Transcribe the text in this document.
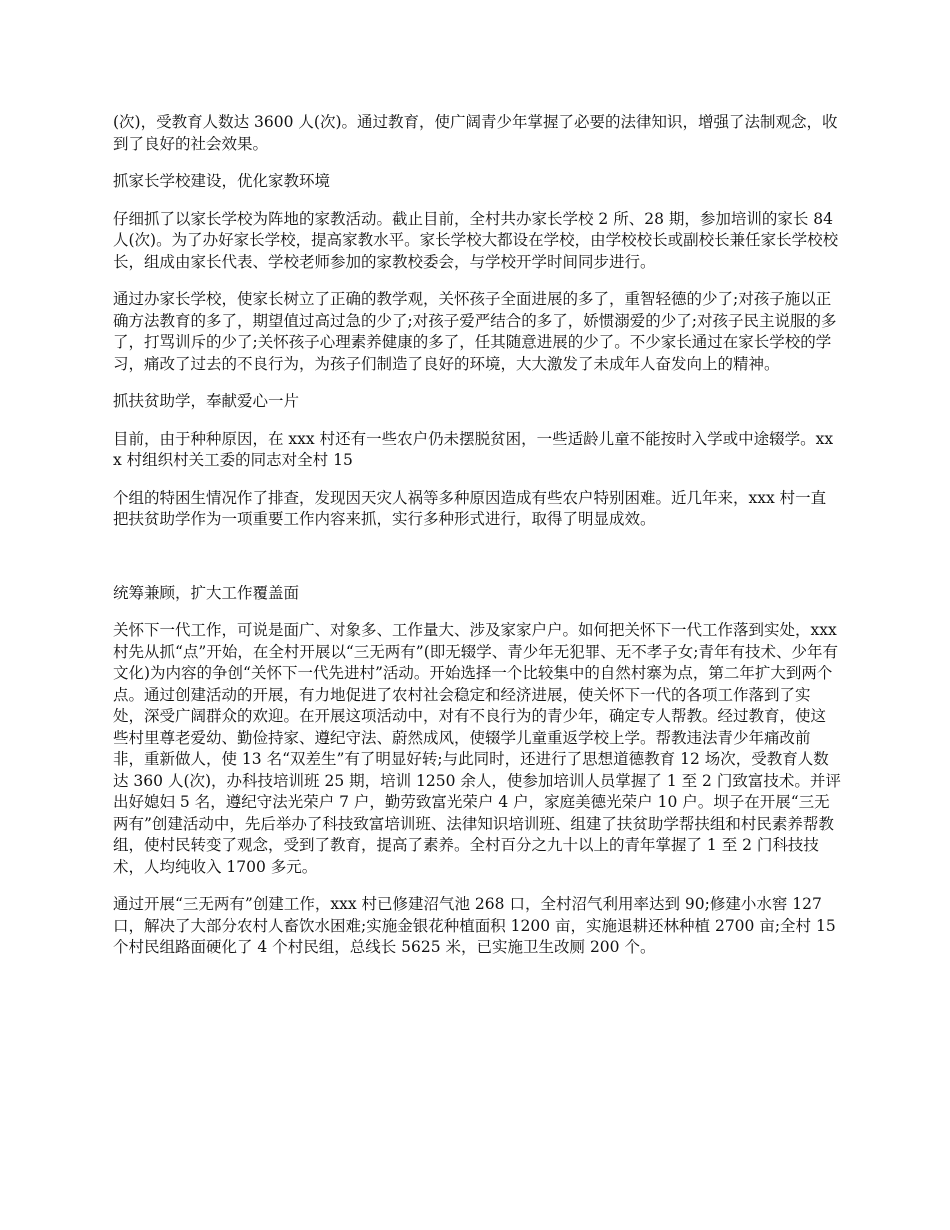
(次)，受教育人数达 3600 人(次)。通过教育，使广阔青少年掌握了必要的法律知识，增强了法制观念，收到了良好的社会效果。

抓家长学校建设，优化家教环境

仔细抓了以家长学校为阵地的家教活动。截止目前，全村共办家长学校 2 所、28 期，参加培训的家长 84 人(次)。为了办好家长学校，提高家教水平。家长学校大都设在学校，由学校校长或副校长兼任家长学校校长，组成由家长代表、学校老师参加的家教校委会，与学校开学时间同步进行。

通过办家长学校，使家长树立了正确的教学观，关怀孩子全面进展的多了，重智轻德的少了;对孩子施以正确方法教育的多了，期望值过高过急的少了;对孩子爱严结合的多了，娇惯溺爱的少了;对孩子民主说服的多了，打骂训斥的少了;关怀孩子心理素养健康的多了，任其随意进展的少了。不少家长通过在家长学校的学习，痛改了过去的不良行为，为孩子们制造了良好的环境，大大激发了未成年人奋发向上的精神。

抓扶贫助学，奉献爱心一片

目前，由于种种原因，在 xxx 村还有一些农户仍未摆脱贫困，一些适龄儿童不能按时入学或中途辍学。xxx 村组织村关工委的同志对全村 15

个组的特困生情况作了排查，发现因天灾人祸等多种原因造成有些农户特别困难。近几年来，xxx 村一直把扶贫助学作为一项重要工作内容来抓，实行多种形式进行，取得了明显成效。

统筹兼顾，扩大工作覆盖面

关怀下一代工作，可说是面广、对象多、工作量大、涉及家家户户。如何把关怀下一代工作落到实处，xxx 村先从抓“点”开始，在全村开展以“三无两有”(即无辍学、青少年无犯罪、无不孝子女;青年有技术、少年有文化)为内容的争创“关怀下一代先进村”活动。开始选择一个比较集中的自然村寨为点，第二年扩大到两个点。通过创建活动的开展，有力地促进了农村社会稳定和经济进展，使关怀下一代的各项工作落到了实处，深受广阔群众的欢迎。在开展这项活动中，对有不良行为的青少年，确定专人帮教。经过教育，使这些村里尊老爱幼、勤俭持家、遵纪守法、蔚然成风，使辍学儿童重返学校上学。帮教违法青少年痛改前非，重新做人，使 13 名“双差生”有了明显好转;与此同时，还进行了思想道德教育 12 场次，受教育人数达 360 人(次)，办科技培训班 25 期，培训 1250 余人，使参加培训人员掌握了 1 至 2 门致富技术。并评出好媳妇 5 名，遵纪守法光荣户 7 户，勤劳致富光荣户 4 户，家庭美德光荣户 10 户。坝子在开展“三无两有”创建活动中，先后举办了科技致富培训班、法律知识培训班、组建了扶贫助学帮扶组和村民素养帮教组，使村民转变了观念，受到了教育，提高了素养。全村百分之九十以上的青年掌握了 1 至 2 门科技技术，人均纯收入 1700 多元。

通过开展“三无两有”创建工作，xxx 村已修建沼气池 268 口，全村沼气利用率达到 90;修建小水窖 127 口，解决了大部分农村人畜饮水困难;实施金银花种植面积 1200 亩，实施退耕还林种植 2700 亩;全村 15 个村民组路面硬化了 4 个村民组，总线长 5625 米，已实施卫生改厕 200 个。
